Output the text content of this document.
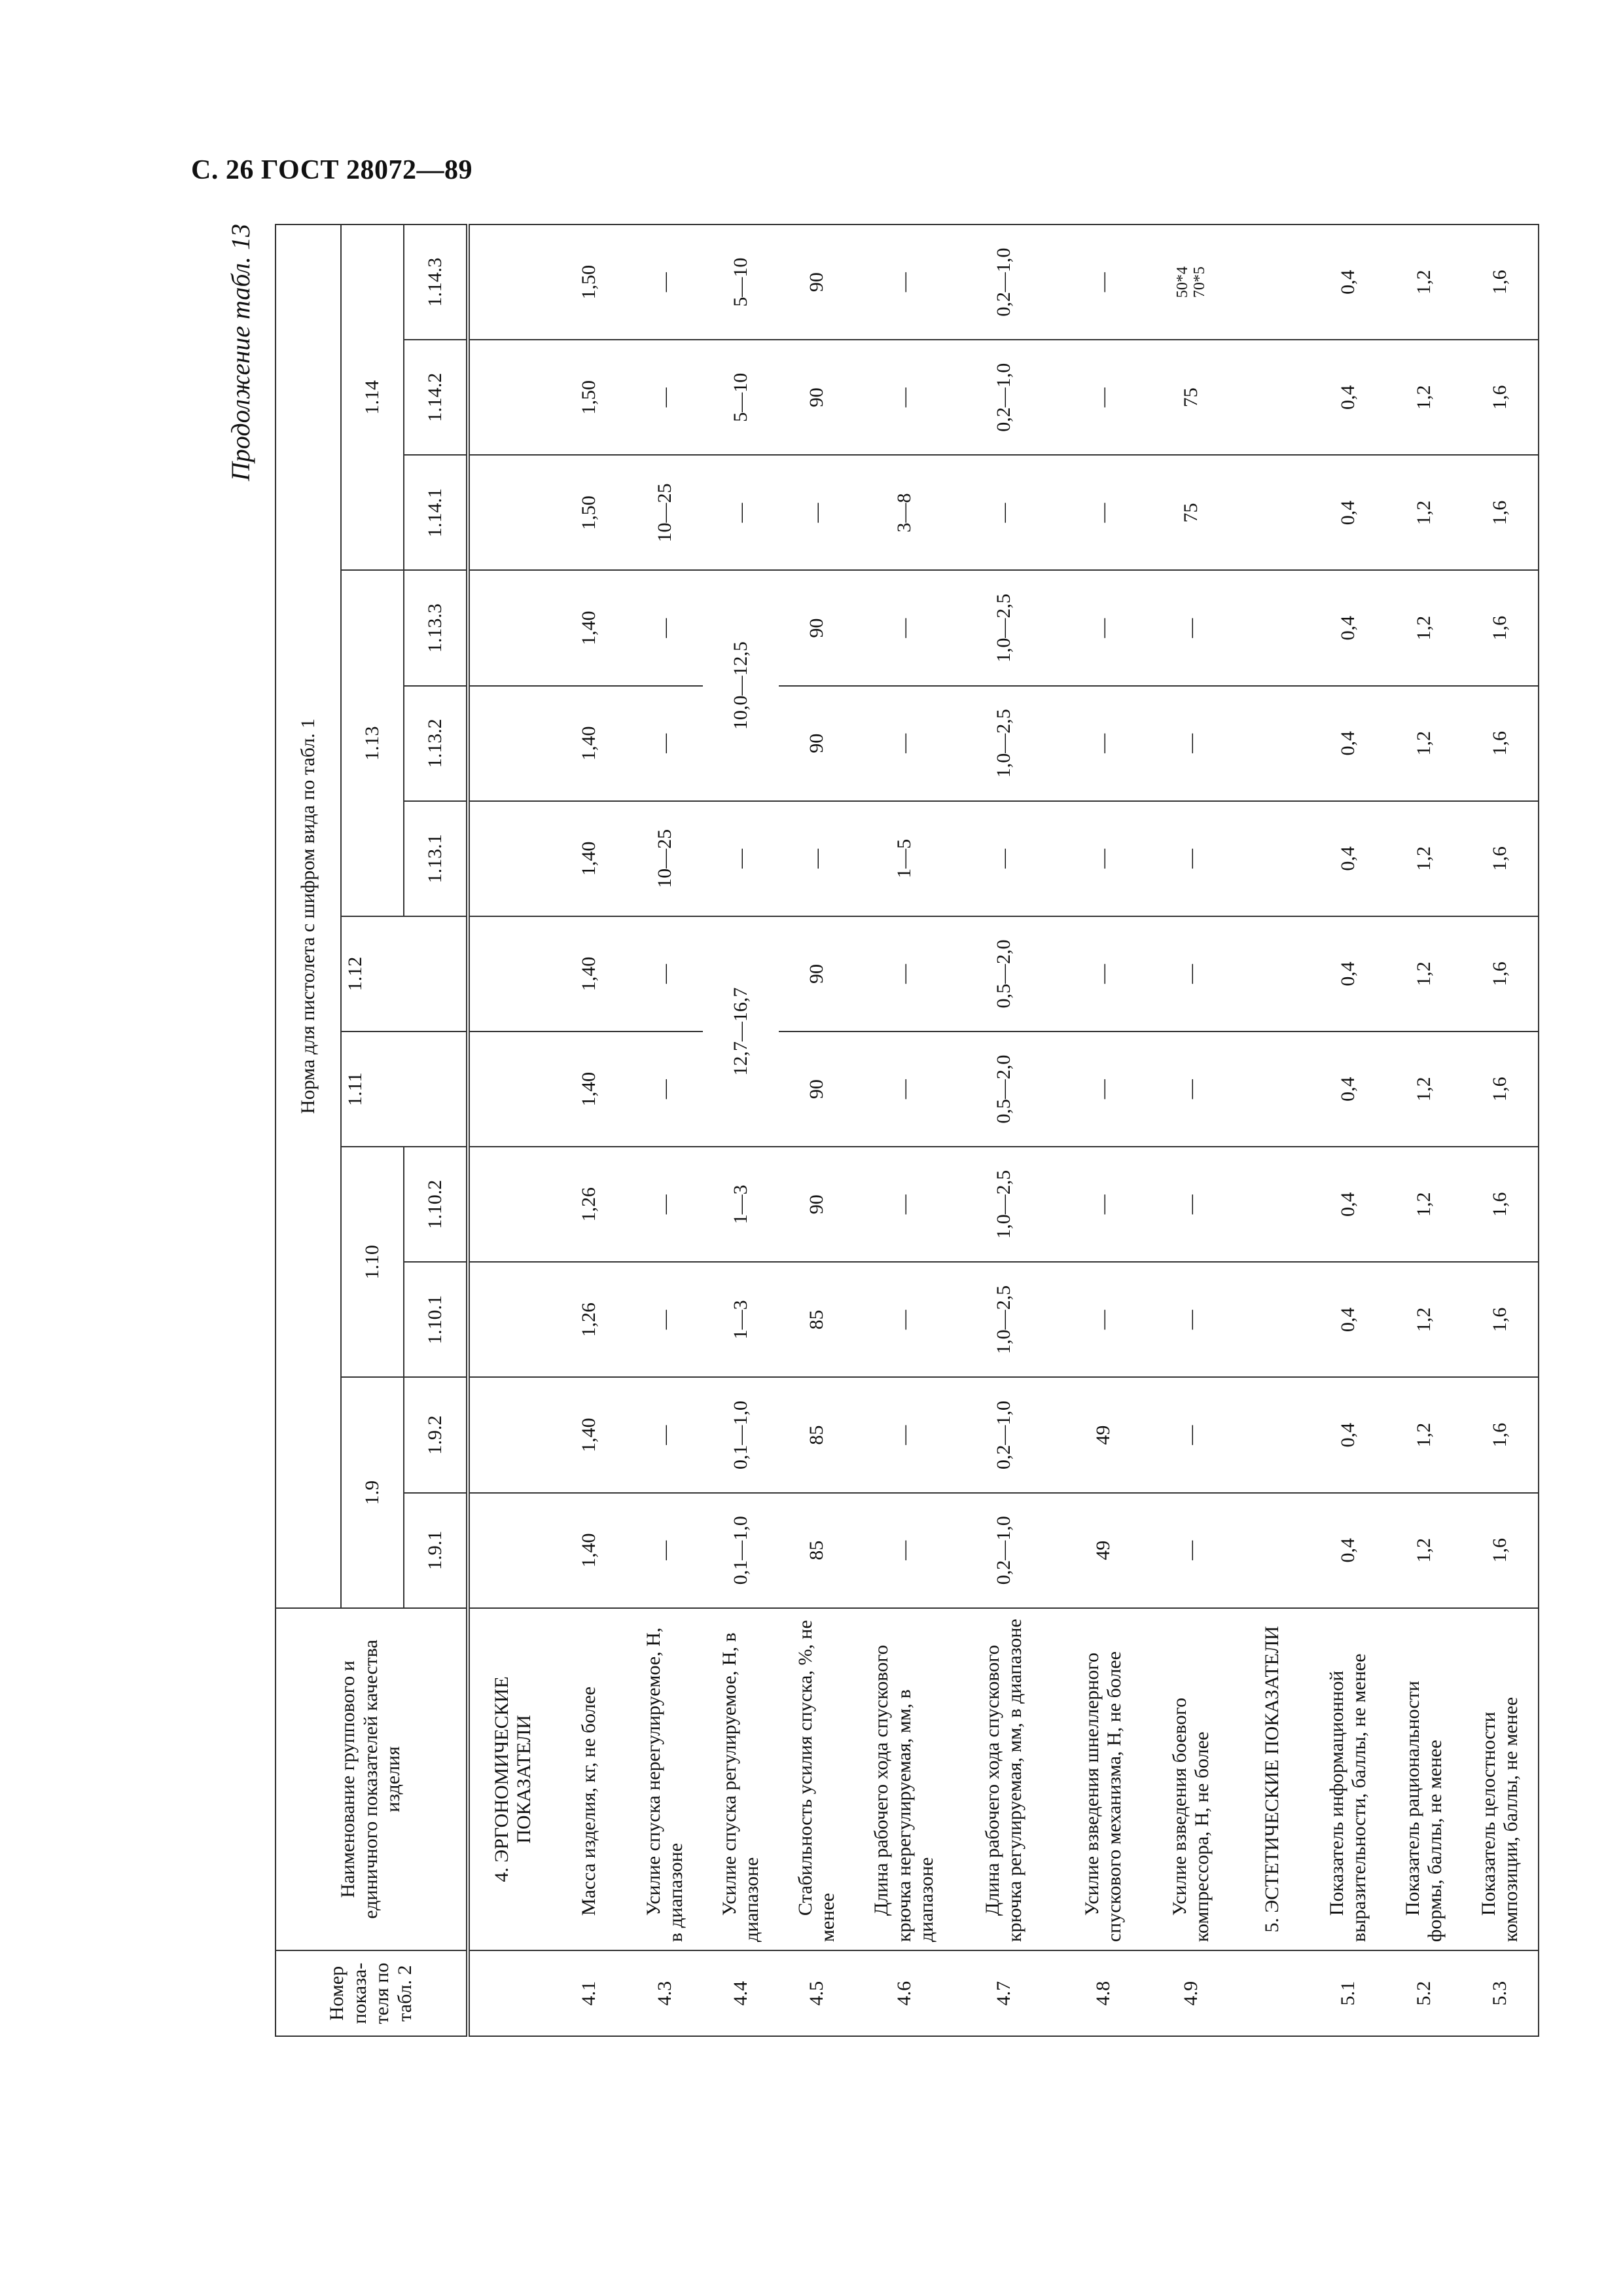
С. 26 ГОСТ 28072—89
Продолжение табл. 13
Номер показа-теля по табл. 2	Наименование группового и единичного показателей качества изделия	Норма для пистолета с шифром вида по табл. 1											
		1.9		1.10		1.11	1.12	1.13			1.14		
		1.9.1	1.9.2	1.10.1	1.10.2			1.13.1	1.13.2	1.13.3	1.14.1	1.14.2	1.14.3
	4. ЭРГОНОМИЧЕСКИЕ ПОКАЗАТЕЛИ												
4.1	Масса изделия, кг, не более	1,40	1,40	1,26	1,26	1,40	1,40	1,40	1,40	1,40	1,50	1,50	1,50
4.3	Усилие спуска нерегулируемое, Н, в диапазоне	—	—	—	—	—	—	10—25	—	—	10—25	—	—
4.4	Усилие спуска регулируемое, Н, в диапазоне	0,1—1,0	0,1—1,0	1—3	1—3	12,7—16,7		—	10,0—12,5		—	5—10	5—10
4.5	Стабильность усилия спуска, %, не менее	85	85	85	90	90	90	—	90	90	—	90	90
4.6	Длина рабочего хода спускового крючка нерегулируемая, мм, в диапазоне	—	—	—	—	—	—	1—5	—	—	3—8	—	—
4.7	Длина рабочего хода спускового крючка регулируемая, мм, в диапазоне	0,2—1,0	0,2—1,0	1,0—2,5	1,0—2,5	0,5—2,0	0,5—2,0	—	1,0—2,5	1,0—2,5	—	0,2—1,0	0,2—1,0
4.8	Усилие взведения шнеллерного спускового механизма, Н, не более	49	49	—	—	—	—	—	—	—	—	—	—
4.9	Усилие взведения боевого компрессора, Н, не более	—	—	—	—	—	—	—	—	—	75	75	50*4 70*5

	5. ЭСТЕТИЧЕСКИЕ ПОКАЗАТЕЛИ												
5.1	Показатель информационной выразительности, баллы, не менее	0,4	0,4	0,4	0,4	0,4	0,4	0,4	0,4	0,4	0,4	0,4	0,4
5.2	Показатель рациональности формы, баллы, не менее	1,2	1,2	1,2	1,2	1,2	1,2	1,2	1,2	1,2	1,2	1,2	1,2
5.3	Показатель целостности композиции, баллы, не менее	1,6	1,6	1,6	1,6	1,6	1,6	1,6	1,6	1,6	1,6	1,6	1,6
